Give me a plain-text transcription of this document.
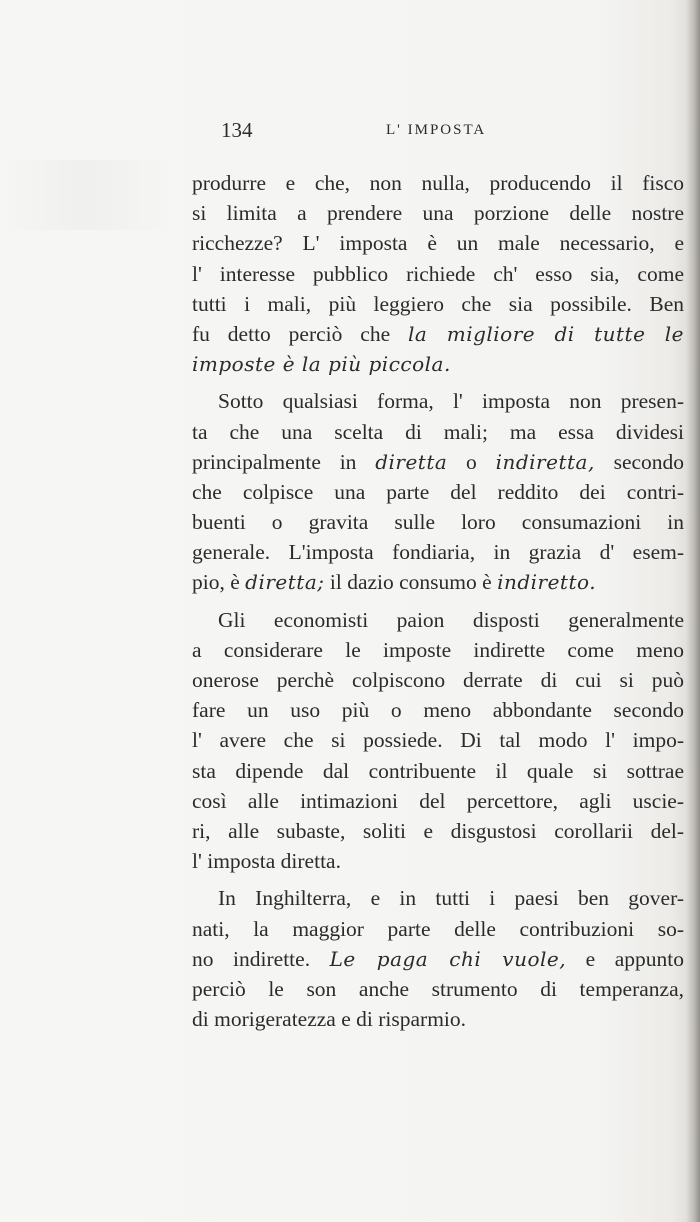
134	L' IMPOSTA

produrre e che, non nulla, producendo il fisco

si limita a prendere una porzione delle nostre

ricchezze? L' imposta è un male necessario, e

l' interesse pubblico richiede ch' esso sia, come

tutti i mali, più leggiero che sia possibile. Ben

fu detto perciò che la migliore di tutte le

imposte è la più piccola.

Sotto qualsiasi forma, l' imposta non presen-

ta che una scelta di mali; ma essa dividesi

principalmente in diretta o indiretta, secondo

che colpisce una parte del reddito dei contri-

buenti o gravita sulle loro consumazioni in

generale. L'imposta fondiaria, in grazia d' esem-

pio, è diretta; il dazio consumo è indiretto.

Gli economisti paion disposti generalmente

a considerare le imposte indirette come meno

onerose perchè colpiscono derrate di cui si può

fare un uso più o meno abbondante secondo

l' avere che si possiede. Di tal modo l' impo-

sta dipende dal contribuente il quale si sottrae

così alle intimazioni del percettore, agli uscie-

ri, alle subaste, soliti e disgustosi corollarii del-

l' imposta diretta.

In Inghilterra, e in tutti i paesi ben gover-

nati, la maggior parte delle contribuzioni so-

no indirette. Le paga chi vuole, e appunto

perciò le son anche strumento di temperanza,

di morigeratezza e di risparmio.
